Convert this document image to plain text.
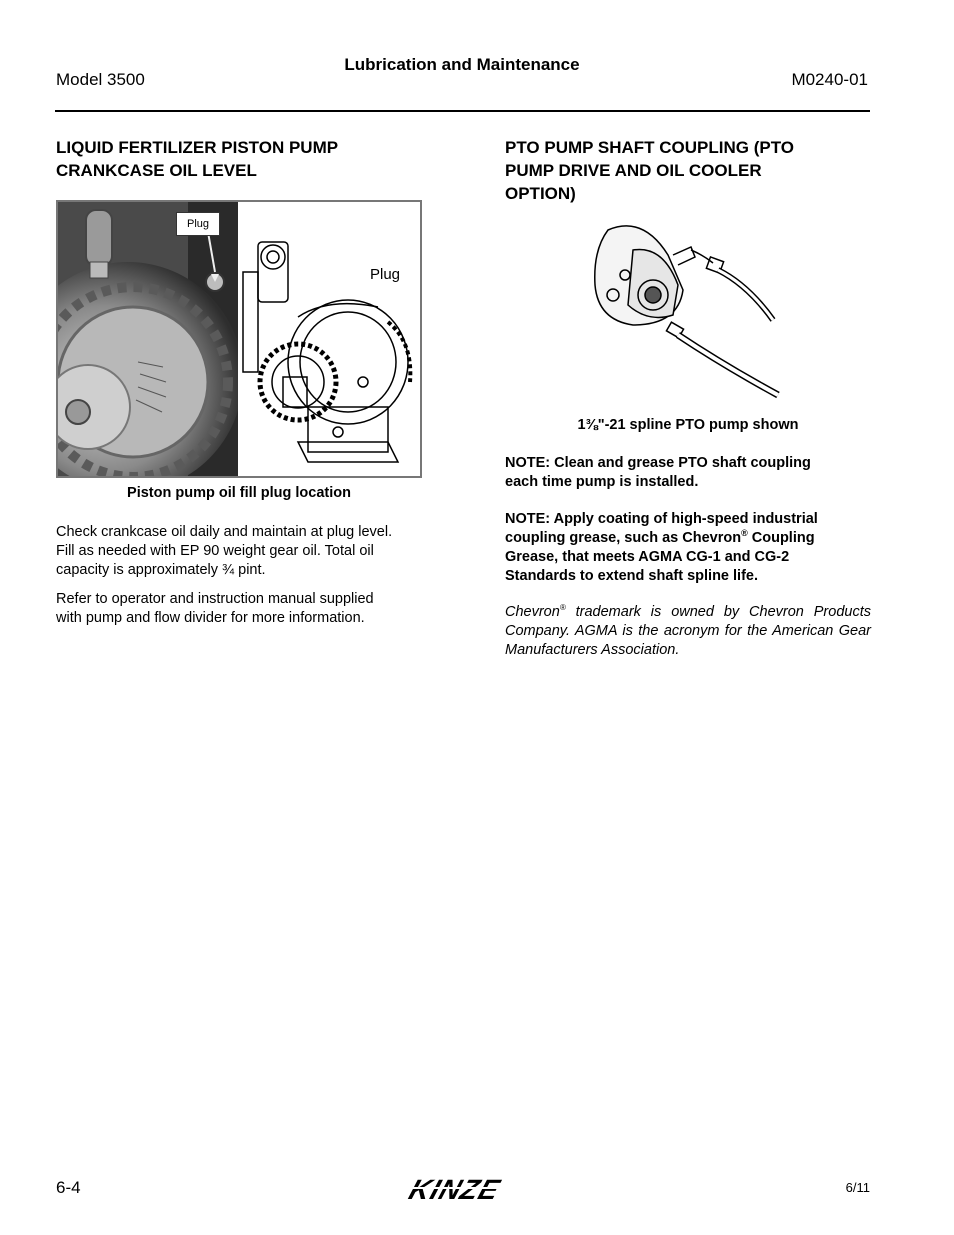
Lubrication and Maintenance
Model 3500	M0240-01
LIQUID FERTILIZER PISTON PUMP
CRANKCASE OIL LEVEL
Plug
Plug
Piston pump oil fill plug location
Check crankcase oil daily and maintain at plug level.
Fill as needed with EP 90 weight gear oil. Total oil
capacity is approximately ¾ pint.
Refer to operator and instruction manual supplied
with pump and flow divider for more information.
PTO PUMP SHAFT COUPLING (PTO
PUMP DRIVE AND OIL COOLER
OPTION)
1⅜"-21 spline PTO pump shown
NOTE: Clean and grease PTO shaft coupling
each time pump is installed.
NOTE: Apply coating of high-speed industrial
coupling grease, such as Chevron® Coupling
Grease, that meets AGMA CG-1 and CG-2
Standards to extend shaft spline life.
Chevron® trademark is owned by Chevron Products Company. AGMA is the acronym for the American Gear Manufacturers Association.
6-4	KINZE	6/11
